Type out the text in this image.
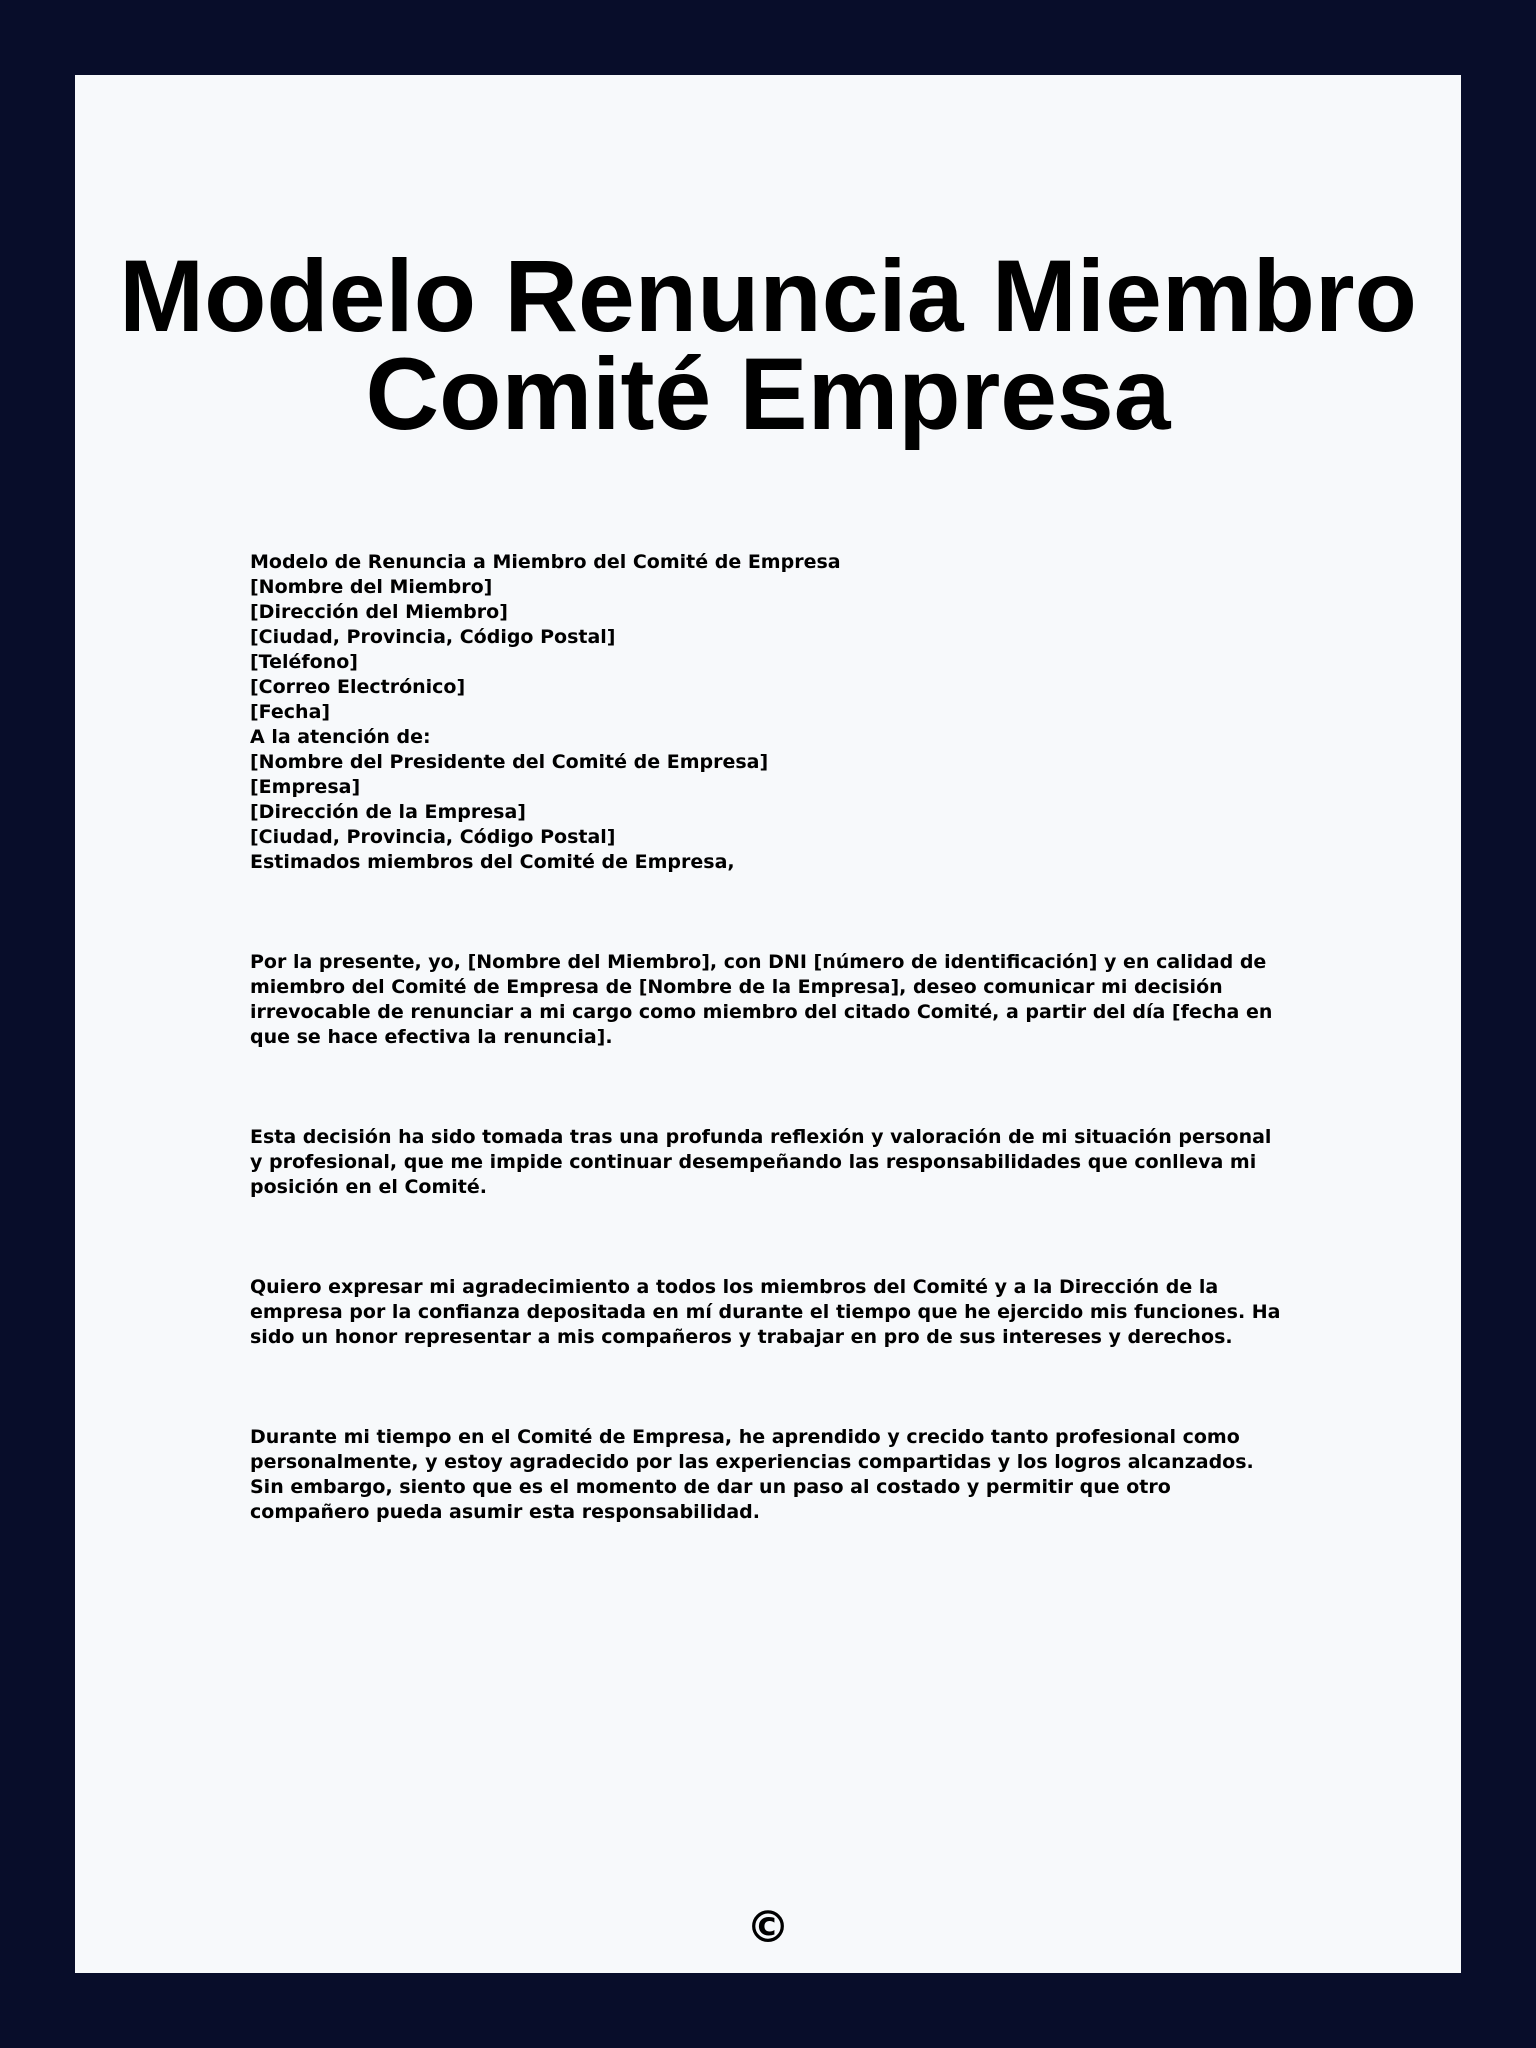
Modelo Renuncia Miembro Comité Empresa

Modelo de Renuncia a Miembro del Comité de Empresa

[Nombre del Miembro]
[Dirección del Miembro]
[Ciudad, Provincia, Código Postal]
[Teléfono]
[Correo Electrónico]
[Fecha]

A la atención de:
[Nombre del Presidente del Comité de Empresa]
[Empresa]
[Dirección de la Empresa]
[Ciudad, Provincia, Código Postal]

Estimados miembros del Comité de Empresa,

Por la presente, yo, [Nombre del Miembro], con DNI [número de identificación] y en calidad de miembro del Comité de Empresa de [Nombre de la Empresa], deseo comunicar mi decisión irrevocable de renunciar a mi cargo como miembro del citado Comité, a partir del día [fecha en que se hace efectiva la renuncia].

Esta decisión ha sido tomada tras una profunda reflexión y valoración de mi situación personal y profesional, que me impide continuar desempeñando las responsabilidades que conlleva mi posición en el Comité.

Quiero expresar mi agradecimiento a todos los miembros del Comité y a la Dirección de la empresa por la confianza depositada en mí durante el tiempo que he ejercido mis funciones. Ha sido un honor representar a mis compañeros y trabajar en pro de sus intereses y derechos.

Durante mi tiempo en el Comité de Empresa, he aprendido y crecido tanto profesional como personalmente, y estoy agradecido por las experiencias compartidas y los logros alcanzados. Sin embargo, siento que es el momento de dar un paso al costado y permitir que otro compañero pueda asumir esta responsabilidad.

©
